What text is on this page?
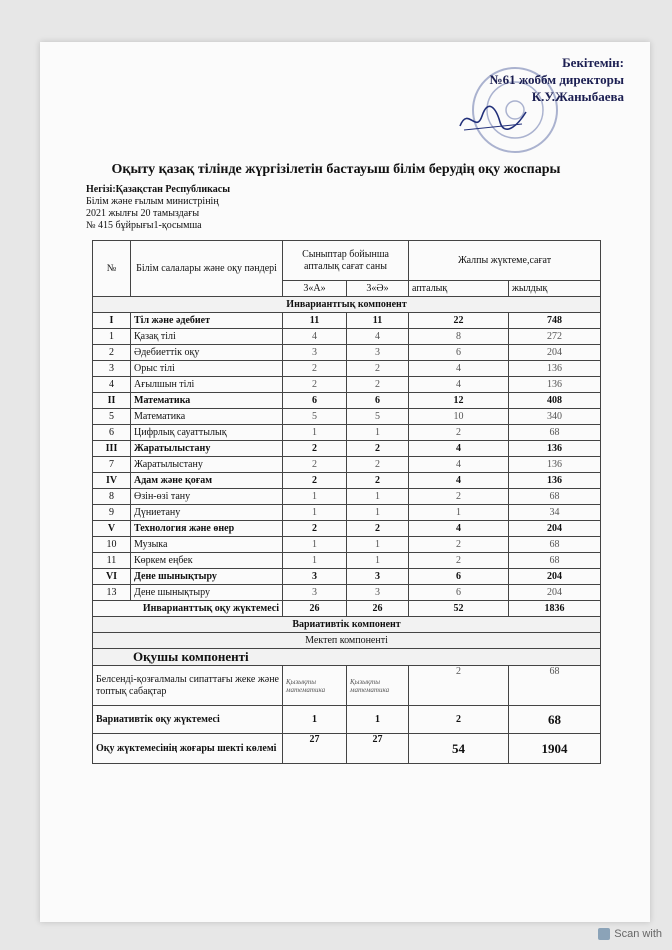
Бекітемін:
№61 жоббм директоры
К.У.Жаныбаева
Оқыту қазақ тілінде жүргізілетін бастауыш білім берудің оқу жоспары
Негізі:Қазақстан Республикасы
Білім және ғылым министрінің
2021 жылғы 20 тамыздағы
№ 415 бұйрығы1-қосымша
№	Білім салалары және оқу пәндері	Сыныптар бойынша апталық сағат саны		Жалпы жүктеме,сағат	
		3«А»	3«Ә»	апталық	жылдық
Инвариантгық компонент					
I	Тіл және әдебиет	11	11	22	748
1	Қазақ тілі	4	4	8	272
2	Әдебиеттік оқу	3	3	6	204
3	Орыс тілі	2	2	4	136
4	Ағылшын тілі	2	2	4	136
II	Математика	6	6	12	408
5	Математика	5	5	10	340
6	Цифрлық сауаттылық	1	1	2	68
III	Жаратылыстану	2	2	4	136
7	Жаратылыстану	2	2	4	136
IV	Адам және қоғам	2	2	4	136
8	Өзін-өзі тану	1	1	2	68
9	Дүниетану	1	1	1	34
V	Технология және өнер	2	2	4	204
10	Музыка	1	1	2	68
11	Көркем еңбек	1	1	2	68
VI	Дене шынықтыру	3	3	6	204
13	Дене шынықтыру	3	3	6	204
Инварианттық оқу жүктемесі		26	26	52	1836
Вариативтік компонент					
Мектеп компоненті					
Оқушы компоненті					
Белсенді-қозғалмалы сипаттағы жеке және топтық сабақтар		Қызықты математика	Қызықты математика	2	68
Вариативтік оқу жүктемесі		1	1	2	68
Оқу жүктемесінің жоғары шекті көлемі		27	27	54	1904
Scan with
